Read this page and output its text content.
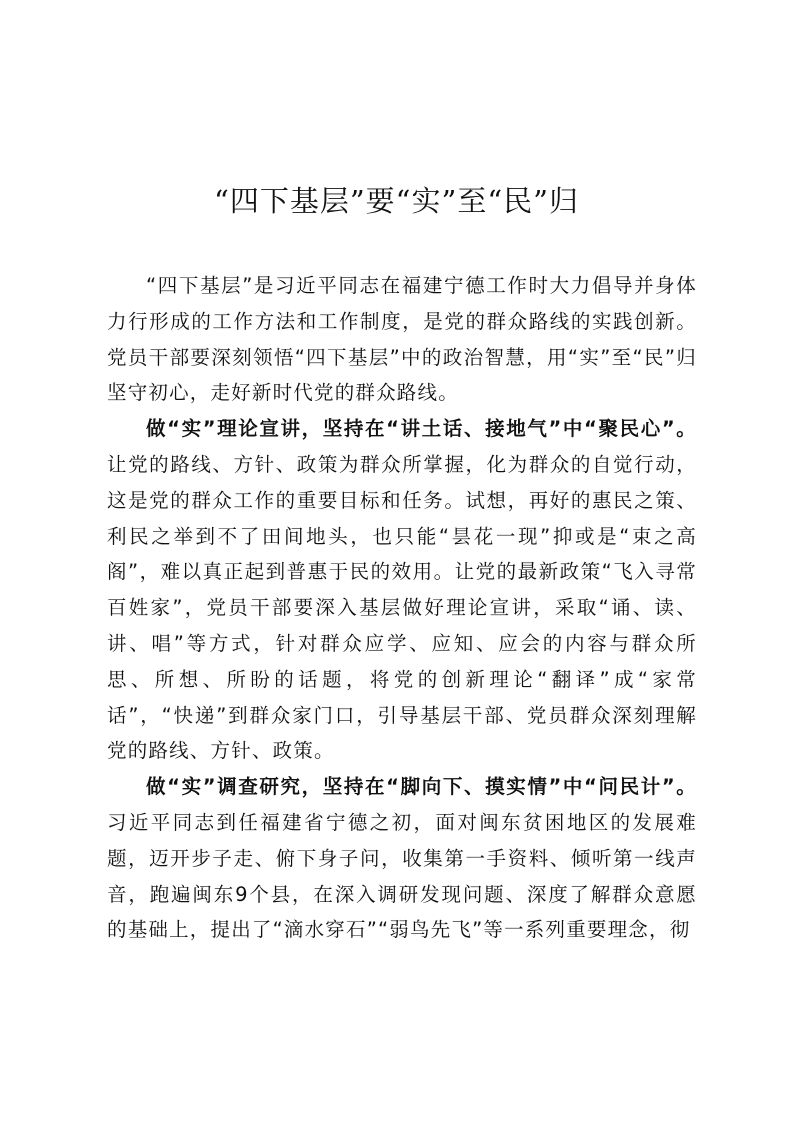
“四下基层”要“实”至“民”归

“四下基层”是习近平同志在福建宁德工作时大力倡导并身体力行形成的工作方法和工作制度，是党的群众路线的实践创新。党员干部要深刻领悟“四下基层”中的政治智慧，用“实”至“民”归坚守初心，走好新时代党的群众路线。

做“实”理论宣讲，坚持在“讲土话、接地气”中“聚民心”。让党的路线、方针、政策为群众所掌握，化为群众的自觉行动，这是党的群众工作的重要目标和任务。试想，再好的惠民之策、利民之举到不了田间地头，也只能“昙花一现”抑或是“束之高阁”，难以真正起到普惠于民的效用。让党的最新政策“飞入寻常百姓家”，党员干部要深入基层做好理论宣讲，采取“诵、读、讲、唱”等方式，针对群众应学、应知、应会的内容与群众所思、所想、所盼的话题，将党的创新理论“翻译”成“家常话”，“快递”到群众家门口，引导基层干部、党员群众深刻理解党的路线、方针、政策。

做“实”调查研究，坚持在“脚向下、摸实情”中“问民计”。习近平同志到任福建省宁德之初，面对闽东贫困地区的发展难题，迈开步子走、俯下身子问，收集第一手资料、倾听第一线声音，跑遍闽东9个县，在深入调研发现问题、深度了解群众意愿的基础上，提出了“滴水穿石”“弱鸟先飞”等一系列重要理念，彻
